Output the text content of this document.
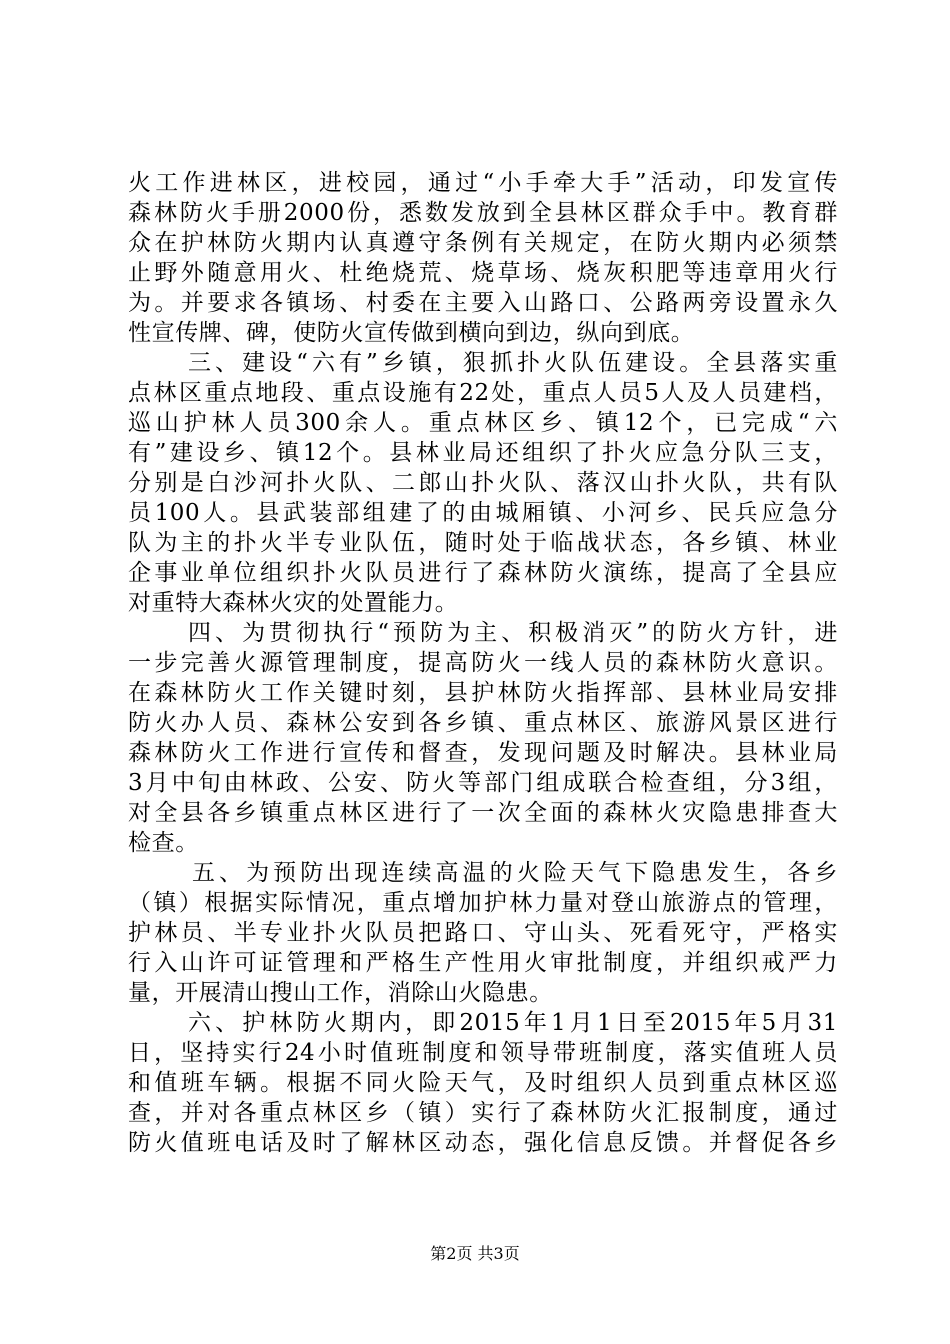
火工作进林区，进校园，通过“小手牵大手”活动，印发宣传
森林防火手册2000份，悉数发放到全县林区群众手中。教育群
众在护林防火期内认真遵守条例有关规定，在防火期内必须禁
止野外随意用火、杜绝烧荒、烧草场、烧灰积肥等违章用火行
为。并要求各镇场、村委在主要入山路口、公路两旁设置永久
性宣传牌、碑，使防火宣传做到横向到边，纵向到底。
三、建设“六有”乡镇，狠抓扑火队伍建设。全县落实重
点林区重点地段、重点设施有22处，重点人员5人及人员建档，
巡山护林人员300余人。重点林区乡、镇12个，已完成“六
有”建设乡、镇12个。县林业局还组织了扑火应急分队三支，
分别是白沙河扑火队、二郎山扑火队、落汉山扑火队，共有队
员100人。县武装部组建了的由城厢镇、小河乡、民兵应急分
队为主的扑火半专业队伍，随时处于临战状态，各乡镇、林业
企事业单位组织扑火队员进行了森林防火演练，提高了全县应
对重特大森林火灾的处置能力。
四、为贯彻执行“预防为主、积极消灭”的防火方针，进
一步完善火源管理制度，提高防火一线人员的森林防火意识。
在森林防火工作关键时刻，县护林防火指挥部、县林业局安排
防火办人员、森林公安到各乡镇、重点林区、旅游风景区进行
森林防火工作进行宣传和督查，发现问题及时解决。县林业局
3月中旬由林政、公安、防火等部门组成联合检查组，分3组，
对全县各乡镇重点林区进行了一次全面的森林火灾隐患排查大
检查。
五、为预防出现连续高温的火险天气下隐患发生，各乡
（镇）根据实际情况，重点增加护林力量对登山旅游点的管理，
护林员、半专业扑火队员把路口、守山头、死看死守，严格实
行入山许可证管理和严格生产性用火审批制度，并组织戒严力
量，开展清山搜山工作，消除山火隐患。
六、护林防火期内，即2015年1月1日至2015年5月31
日，坚持实行24小时值班制度和领导带班制度，落实值班人员
和值班车辆。根据不同火险天气，及时组织人员到重点林区巡
查，并对各重点林区乡（镇）实行了森林防火汇报制度，通过
防火值班电话及时了解林区动态，强化信息反馈。并督促各乡
第2页 共3页
